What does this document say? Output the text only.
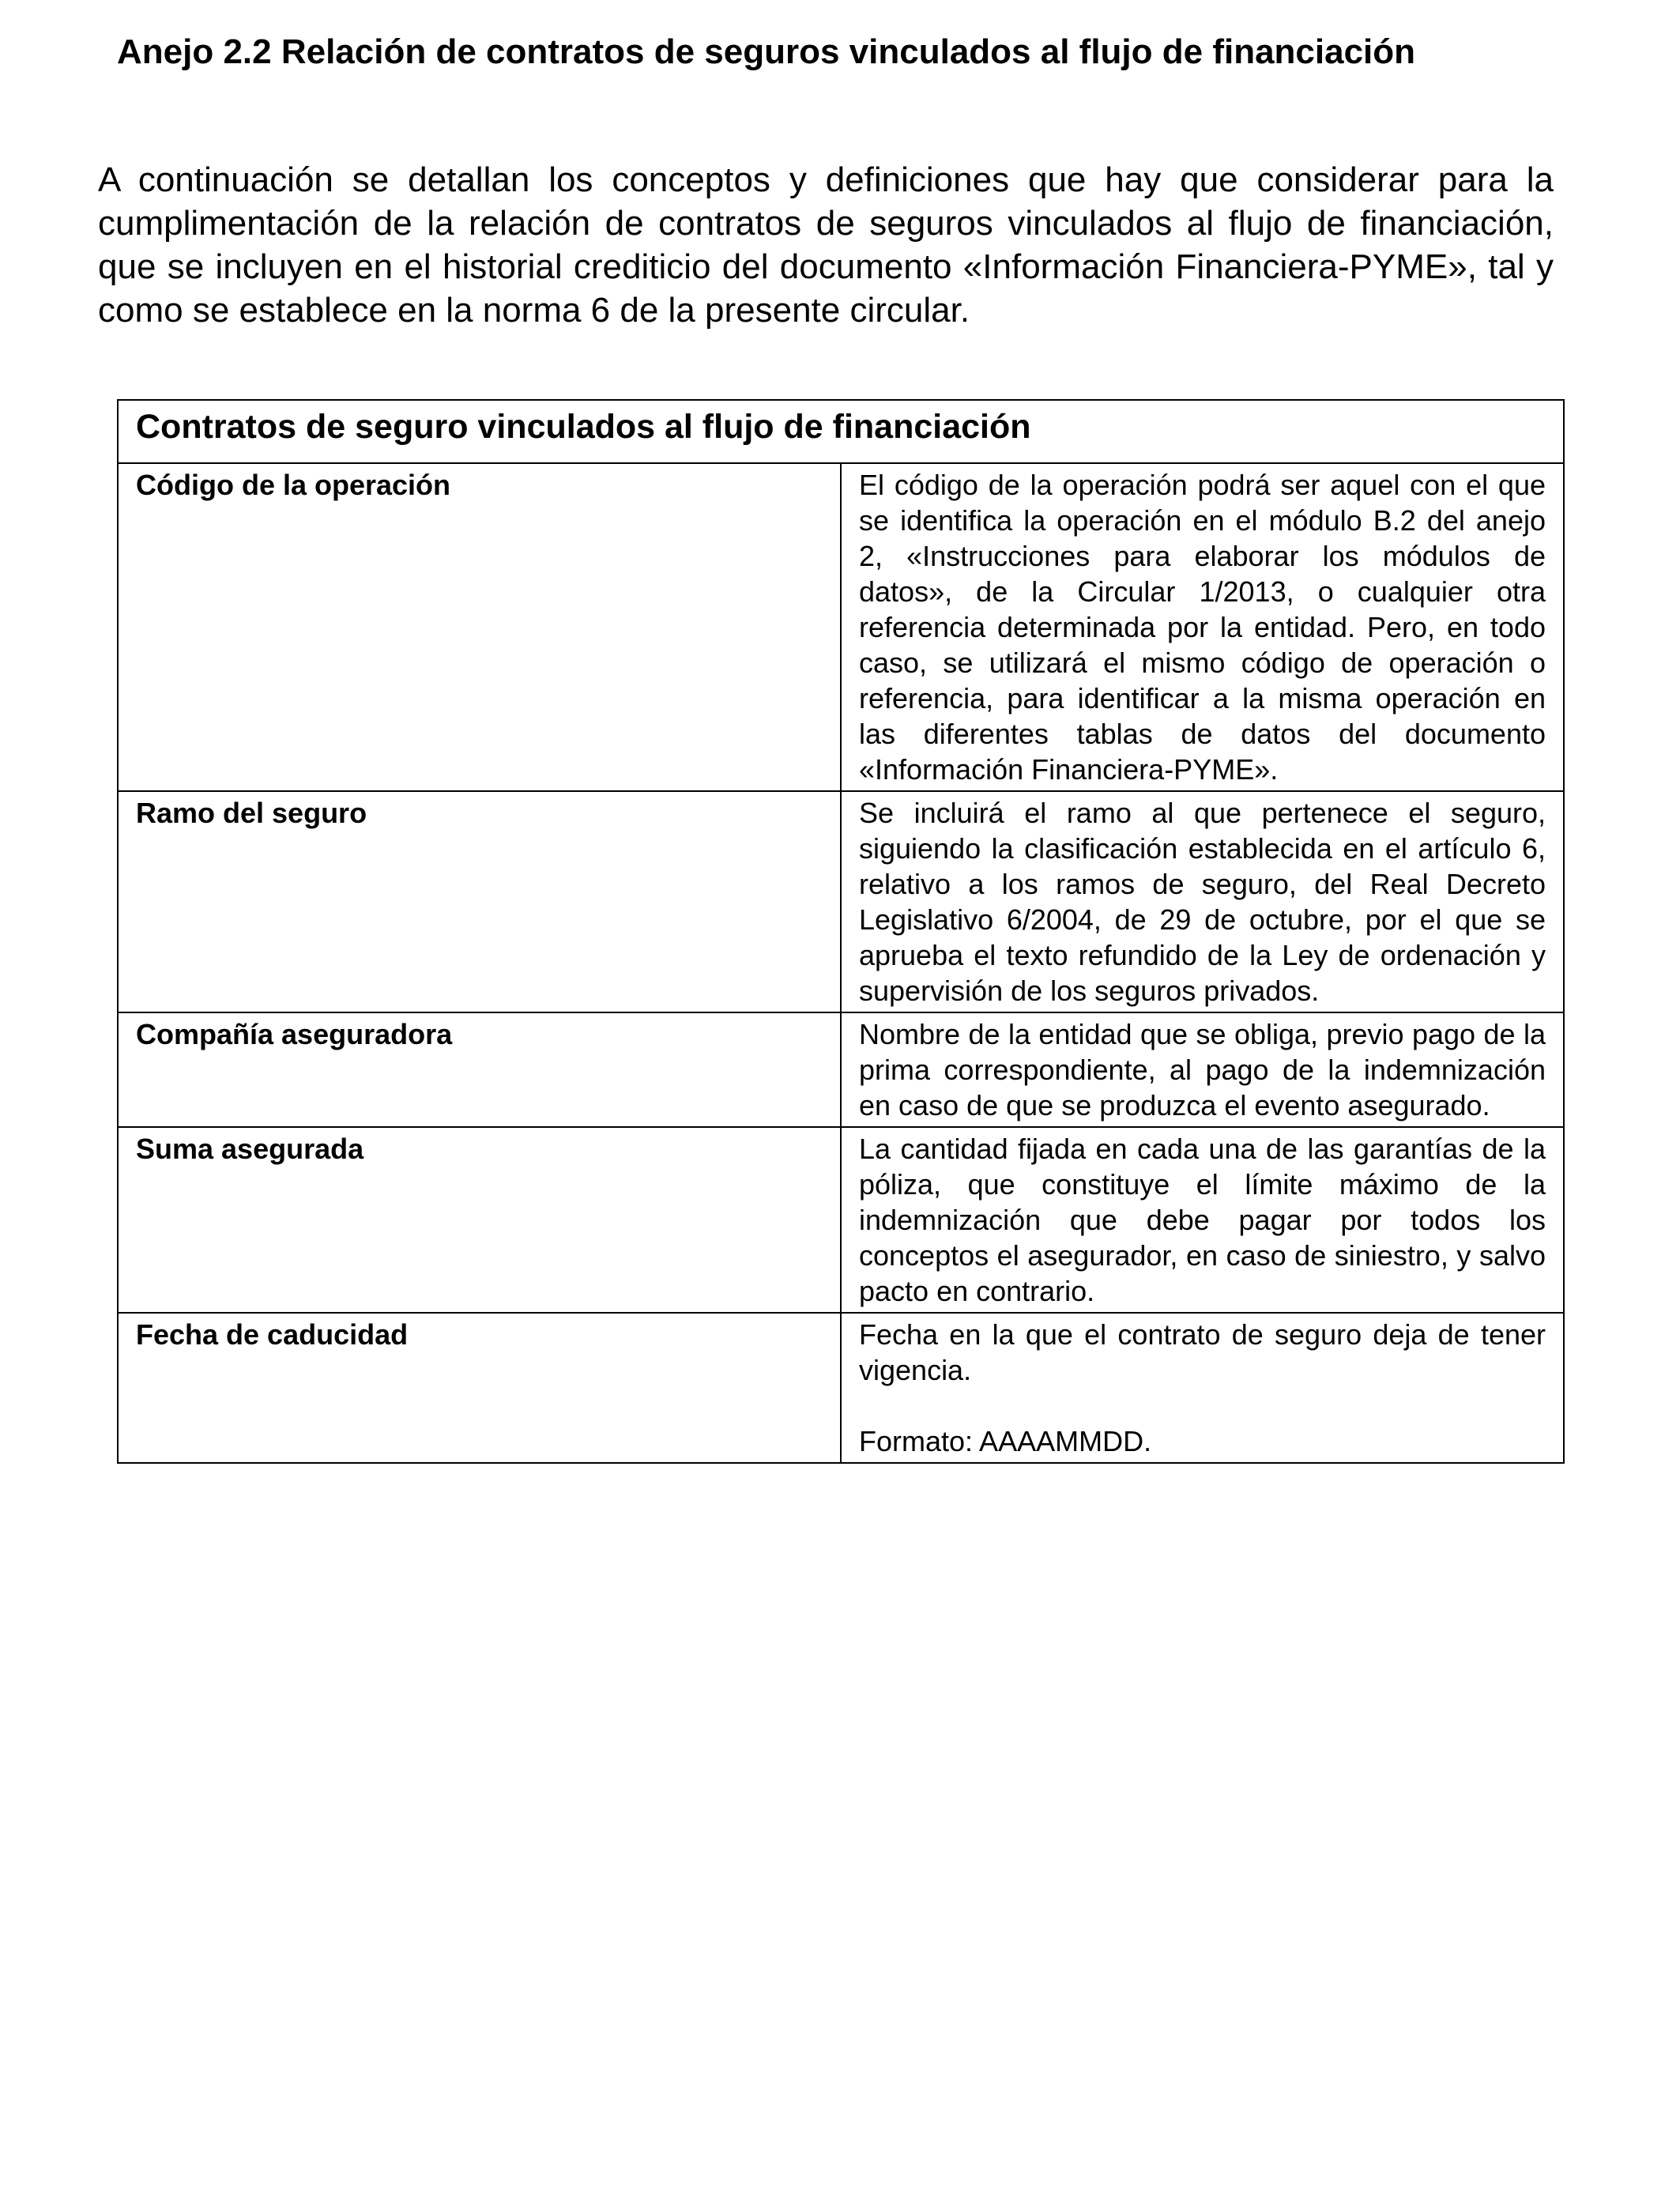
Anejo 2.2 Relación de contratos de seguros vinculados al flujo de financiación

A continuación se detallan los conceptos y definiciones que hay que considerar para la cumplimentación de la relación de contratos de seguros vinculados al flujo de financiación, que se incluyen en el historial crediticio del documento «Información Financiera-PYME», tal y como se establece en la norma 6 de la presente circular.

Contratos de seguro vinculados al flujo de financiación	
Código de la operación	El código de la operación podrá ser aquel con el que se identifica la operación en el módulo B.2 del anejo 2, «Instrucciones para elaborar los módulos de datos», de la Circular 1/2013, o cualquier otra referencia determinada por la entidad. Pero, en todo caso, se utilizará el mismo código de operación o referencia, para identificar a la misma operación en las diferentes tablas de datos del documento «Información Financiera-PYME».
Ramo del seguro	Se incluirá el ramo al que pertenece el seguro, siguiendo la clasificación establecida en el artículo 6, relativo a los ramos de seguro, del Real Decreto Legislativo 6/2004, de 29 de octubre, por el que se aprueba el texto refundido de la Ley de ordenación y supervisión de los seguros privados.
Compañía aseguradora	Nombre de la entidad que se obliga, previo pago de la prima correspondiente, al pago de la indemnización en caso de que se produzca el evento asegurado.
Suma asegurada	La cantidad fijada en cada una de las garantías de la póliza, que constituye el límite máximo de la indemnización que debe pagar por todos los conceptos el asegurador, en caso de siniestro, y salvo pacto en contrario.
Fecha de caducidad	Fecha en la que el contrato de seguro deja de tener vigencia.

Formato: AAAAMMDD.
